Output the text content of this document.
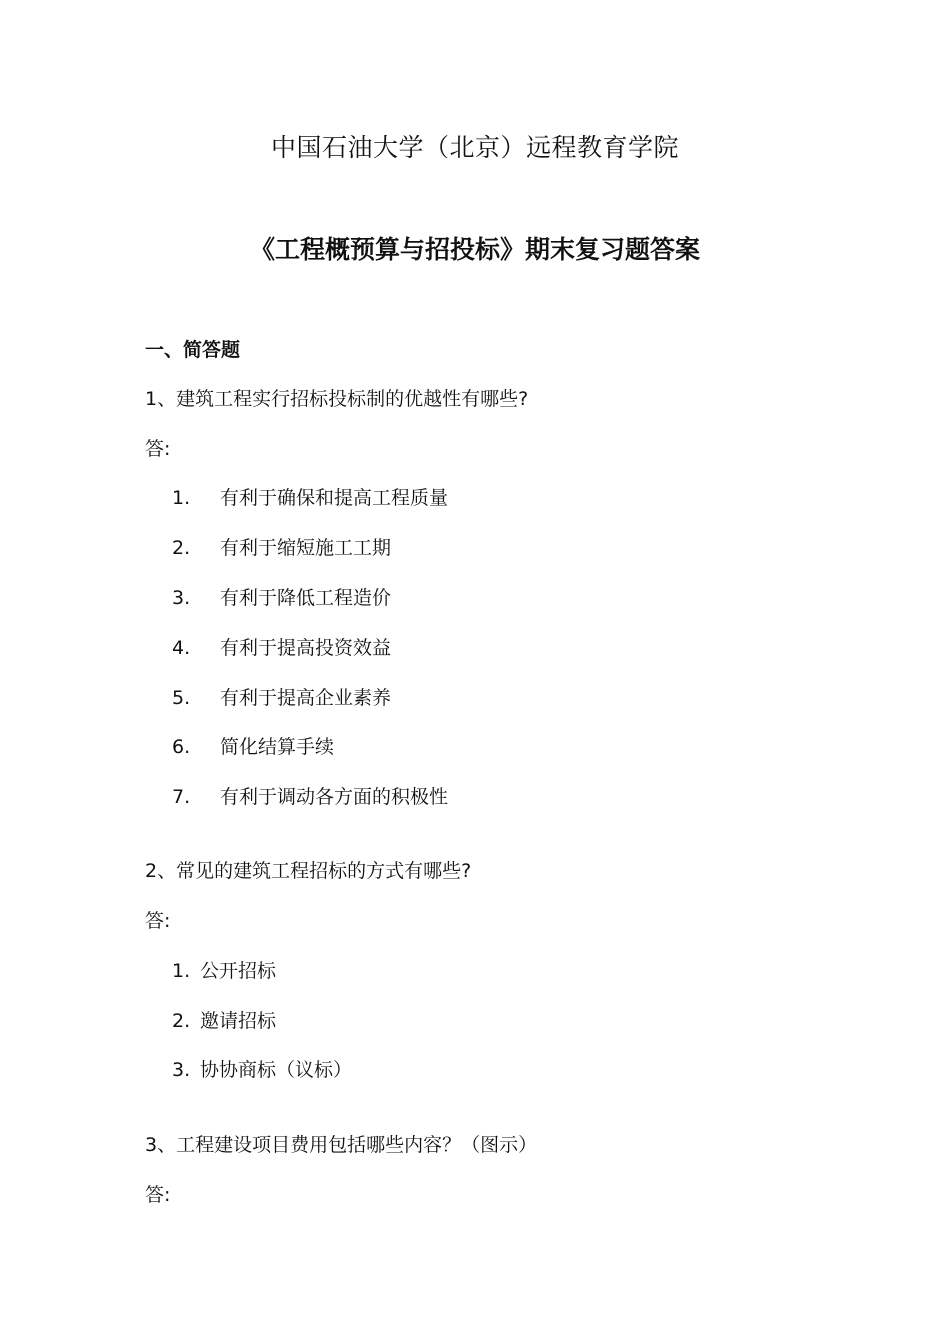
中国石油大学（北京）远程教育学院
《工程概预算与招投标》期末复习题答案
一、简答题
1、建筑工程实行招标投标制的优越性有哪些?
答:
1. 有利于确保和提高工程质量
2. 有利于缩短施工工期
3. 有利于降低工程造价
4. 有利于提高投资效益
5. 有利于提高企业素养
6. 简化结算手续
7. 有利于调动各方面的积极性
2、常见的建筑工程招标的方式有哪些?
答:
1. 公开招标
2. 邀请招标
3. 协协商标（议标）
3、工程建设项目费用包括哪些内容？（图示）
答:
